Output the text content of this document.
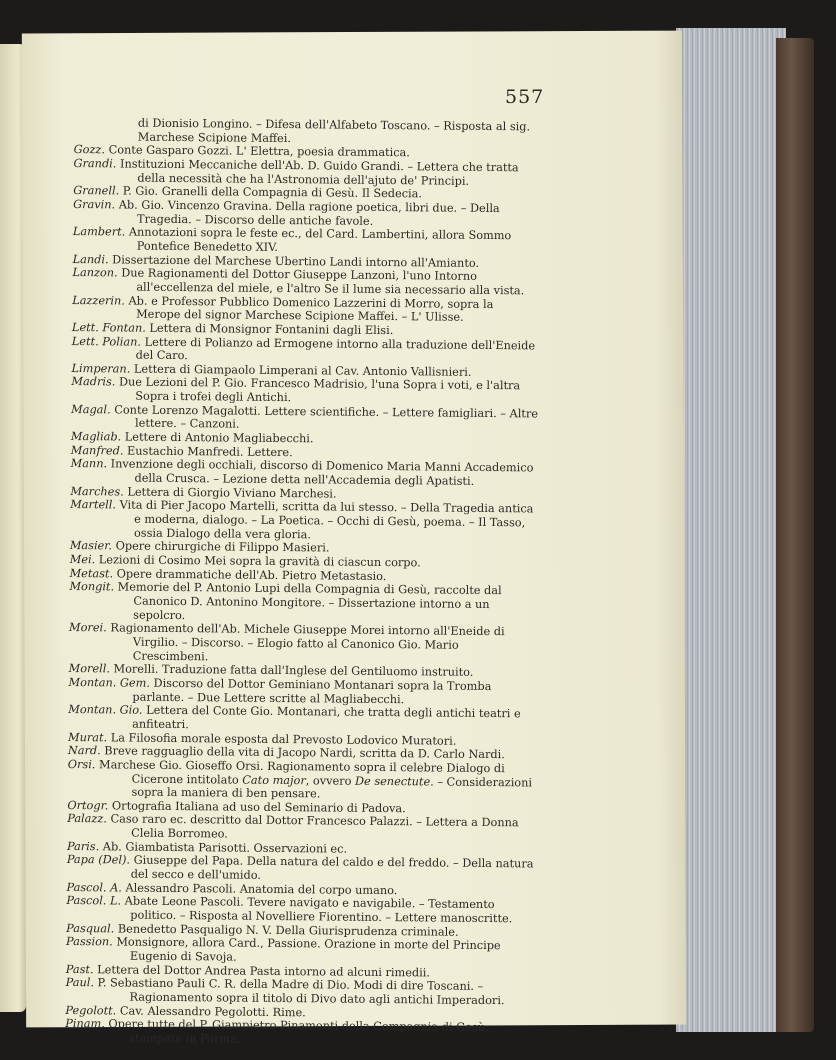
557

di Dionisio Longino. – Difesa dell'Alfabeto Toscano. – Risposta al sig. Marchese Scipione Maffei.

Gozz. Conte Gasparo Gozzi. L' Elettra, poesia drammatica.

Grandi. Instituzioni Meccaniche dell'Ab. D. Guido Grandi. – Lettera che tratta della necessità che ha l'Astronomia dell'ajuto de' Principi.

Granell. P. Gio. Granelli della Compagnia di Gesù. Il Sedecia.

Gravin. Ab. Gio. Vincenzo Gravina. Della ragione poetica, libri due. – Della Tragedia. – Discorso delle antiche favole.

Lambert. Annotazioni sopra le feste ec., del Card. Lambertini, allora Sommo Pontefice Benedetto XIV.

Landi. Dissertazione del Marchese Ubertino Landi intorno all'Amianto.

Lanzon. Due Ragionamenti del Dottor Giuseppe Lanzoni, l'uno Intorno all'eccellenza del miele, e l'altro Se il lume sia necessario alla vista.

Lazzerin. Ab. e Professor Pubblico Domenico Lazzerini di Morro, sopra la Merope del signor Marchese Scipione Maffei. – L' Ulisse.

Lett. Fontan. Lettera di Monsignor Fontanini dagli Elisi.

Lett. Polian. Lettere di Polianzo ad Ermogene intorno alla traduzione dell'Eneide del Caro.

Limperan. Lettera di Giampaolo Limperani al Cav. Antonio Vallisnieri.

Madris. Due Lezioni del P. Gio. Francesco Madrisio, l'una Sopra i voti, e l'altra Sopra i trofei degli Antichi.

Magal. Conte Lorenzo Magalotti. Lettere scientifiche. – Lettere famigliari. – Altre lettere. – Canzoni.

Magliab. Lettere di Antonio Magliabecchi.

Manfred. Eustachio Manfredi. Lettere.

Mann. Invenzione degli occhiali, discorso di Domenico Maria Manni Accademico della Crusca. – Lezione detta nell'Accademia degli Apatisti.

Marches. Lettera di Giorgio Viviano Marchesi.

Martell. Vita di Pier Jacopo Martelli, scritta da lui stesso. – Della Tragedia antica e moderna, dialogo. – La Poetica. – Occhi di Gesù, poema. – Il Tasso, ossia Dialogo della vera gloria.

Masier. Opere chirurgiche di Filippo Masieri.

Mei. Lezioni di Cosimo Mei sopra la gravità di ciascun corpo.

Metast. Opere drammatiche dell'Ab. Pietro Metastasio.

Mongit. Memorie del P. Antonio Lupi della Compagnia di Gesù, raccolte dal Canonico D. Antonino Mongitore. – Dissertazione intorno a un sepolcro.

Morei. Ragionamento dell'Ab. Michele Giuseppe Morei intorno all'Eneide di Virgilio. – Discorso. – Elogio fatto al Canonico Gio. Mario Crescimbeni.

Morell. Morelli. Traduzione fatta dall'Inglese del Gentiluomo instruito.

Montan. Gem. Discorso del Dottor Geminiano Montanari sopra la Tromba parlante. – Due Lettere scritte al Magliabecchi.

Montan. Gio. Lettera del Conte Gio. Montanari, che tratta degli antichi teatri e anfiteatri.

Murat. La Filosofia morale esposta dal Prevosto Lodovico Muratori.

Nard. Breve ragguaglio della vita di Jacopo Nardi, scritta da D. Carlo Nardi.

Orsi. Marchese Gio. Gioseffo Orsi. Ragionamento sopra il celebre Dialogo di Cicerone intitolato Cato major, ovvero De senectute. – Considerazioni sopra la maniera di ben pensare.

Ortogr. Ortografia Italiana ad uso del Seminario di Padova.

Palazz. Caso raro ec. descritto dal Dottor Francesco Palazzi. – Lettera a Donna Clelia Borromeo.

Paris. Ab. Giambatista Parisotti. Osservazioni ec.

Papa (Del). Giuseppe del Papa. Della natura del caldo e del freddo. – Della natura del secco e dell'umido.

Pascol. A. Alessandro Pascoli. Anatomia del corpo umano.

Pascol. L. Abate Leone Pascoli. Tevere navigato e navigabile. – Testamento politico. – Risposta al Novelliere Fiorentino. – Lettere manoscritte.

Pasqual. Benedetto Pasqualigo N. V. Della Giurisprudenza criminale.

Passion. Monsignore, allora Card., Passione. Orazione in morte del Principe Eugenio di Savoja.

Past. Lettera del Dottor Andrea Pasta intorno ad alcuni rimedii.

Paul. P. Sebastiano Pauli C. R. della Madre di Dio. Modi di dire Toscani. – Ragionamento sopra il titolo di Divo dato agli antichi Imperadori.

Pegolott. Cav. Alessandro Pegolotti. Rime.

Pinam. Opere tutte del P. Giampietro Pinamonti della Compagnia di Gesù, stampate in Parma.
